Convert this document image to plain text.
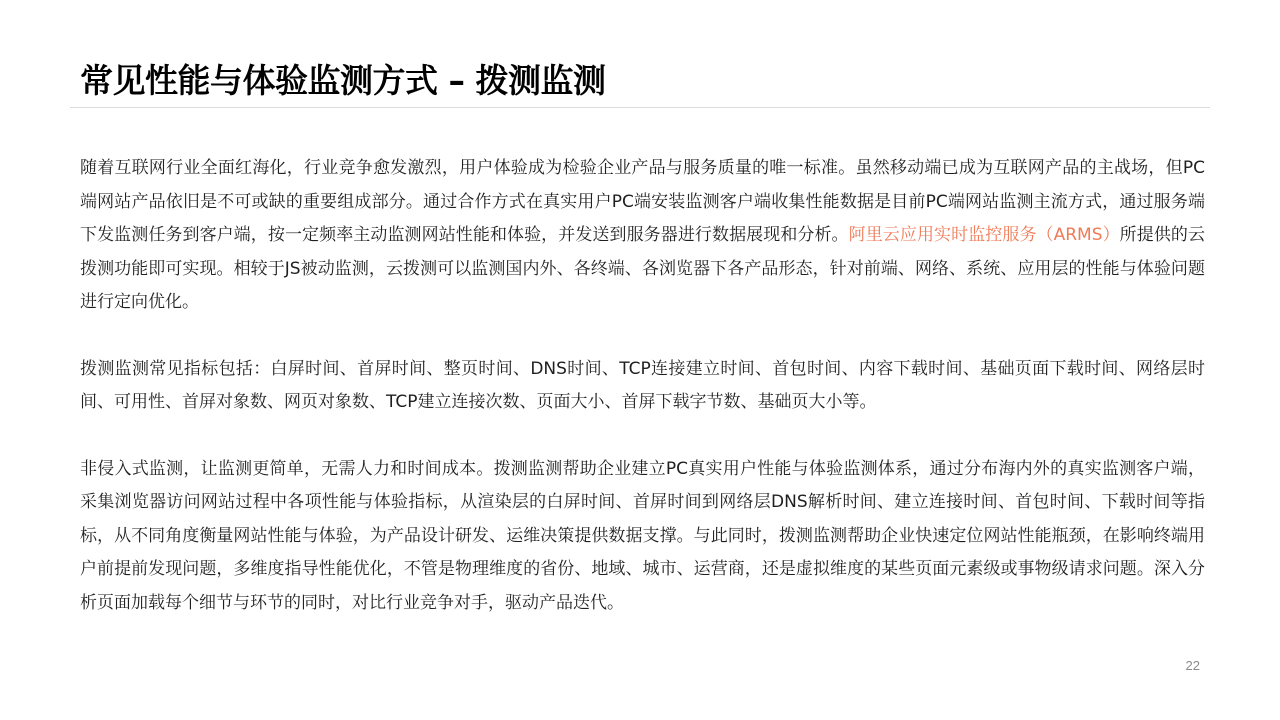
常见性能与体验监测方式 – 拨测监测

随着互联网行业全面红海化，行业竞争愈发激烈，用户体验成为检验企业产品与服务质量的唯一标准。虽然移动端已成为互联网产品的主战场，但PC端网站产品依旧是不可或缺的重要组成部分。通过合作方式在真实用户PC端安装监测客户端收集性能数据是目前PC端网站监测主流方式，通过服务端下发监测任务到客户端，按一定频率主动监测网站性能和体验，并发送到服务器进行数据展现和分析。阿里云应用实时监控服务（ARMS）所提供的云拨测功能即可实现。相较于JS被动监测，云拨测可以监测国内外、各终端、各浏览器下各产品形态，针对前端、网络、系统、应用层的性能与体验问题进行定向优化。

拨测监测常见指标包括：白屏时间、首屏时间、整页时间、DNS时间、TCP连接建立时间、首包时间、内容下载时间、基础页面下载时间、网络层时间、可用性、首屏对象数、网页对象数、TCP建立连接次数、页面大小、首屏下载字节数、基础页大小等。

非侵入式监测，让监测更简单，无需人力和时间成本。拨测监测帮助企业建立PC真实用户性能与体验监测体系，通过分布海内外的真实监测客户端，采集浏览器访问网站过程中各项性能与体验指标，从渲染层的白屏时间、首屏时间到网络层DNS解析时间、建立连接时间、首包时间、下载时间等指标，从不同角度衡量网站性能与体验，为产品设计研发、运维决策提供数据支撑。与此同时，拨测监测帮助企业快速定位网站性能瓶颈，在影响终端用户前提前发现问题，多维度指导性能优化，不管是物理维度的省份、地域、城市、运营商，还是虚拟维度的某些页面元素级或事物级请求问题。深入分析页面加载每个细节与环节的同时，对比行业竞争对手，驱动产品迭代。

22
